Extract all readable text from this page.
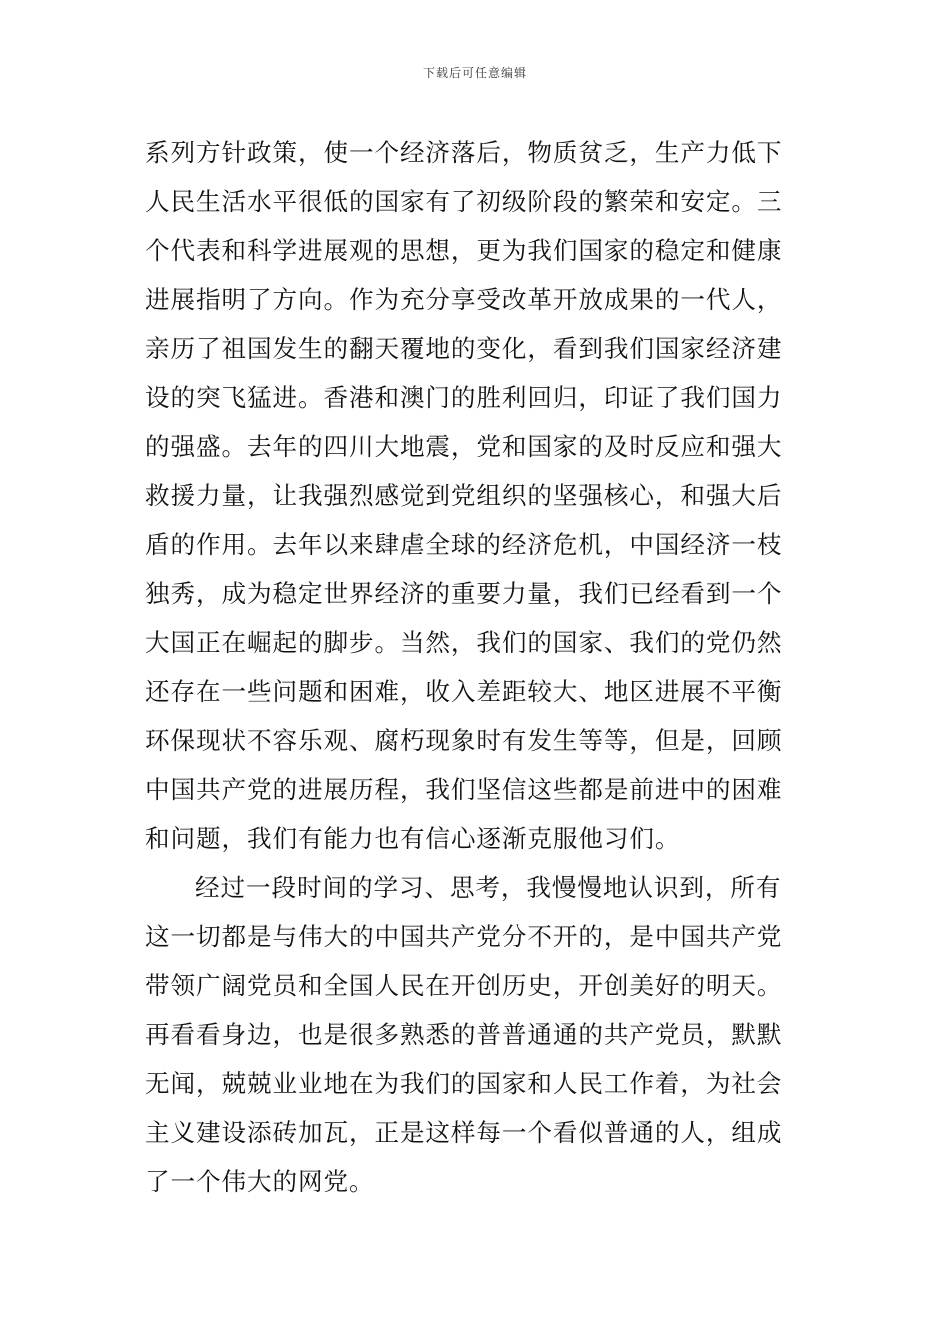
下载后可任意编辑
系列方针政策，使一个经济落后，物质贫乏，生产力低下
人民生活水平很低的国家有了初级阶段的繁荣和安定。三
个代表和科学进展观的思想，更为我们国家的稳定和健康
进展指明了方向。作为充分享受改革开放成果的一代人，
亲历了祖国发生的翻天覆地的变化，看到我们国家经济建
设的突飞猛进。香港和澳门的胜利回归，印证了我们国力
的强盛。去年的四川大地震，党和国家的及时反应和强大
救援力量，让我强烈感觉到党组织的坚强核心，和强大后
盾的作用。去年以来肆虐全球的经济危机，中国经济一枝
独秀，成为稳定世界经济的重要力量，我们已经看到一个
大国正在崛起的脚步。当然，我们的国家、我们的党仍然
还存在一些问题和困难，收入差距较大、地区进展不平衡
环保现状不容乐观、腐朽现象时有发生等等，但是，回顾
中国共产党的进展历程，我们坚信这些都是前进中的困难
和问题，我们有能力也有信心逐渐克服他习们。
经过一段时间的学习、思考，我慢慢地认识到，所有
这一切都是与伟大的中国共产党分不开的，是中国共产党
带领广阔党员和全国人民在开创历史，开创美好的明天。
再看看身边，也是很多熟悉的普普通通的共产党员，默默
无闻，兢兢业业地在为我们的国家和人民工作着，为社会
主义建设添砖加瓦，正是这样每一个看似普通的人，组成
了一个伟大的网党。
